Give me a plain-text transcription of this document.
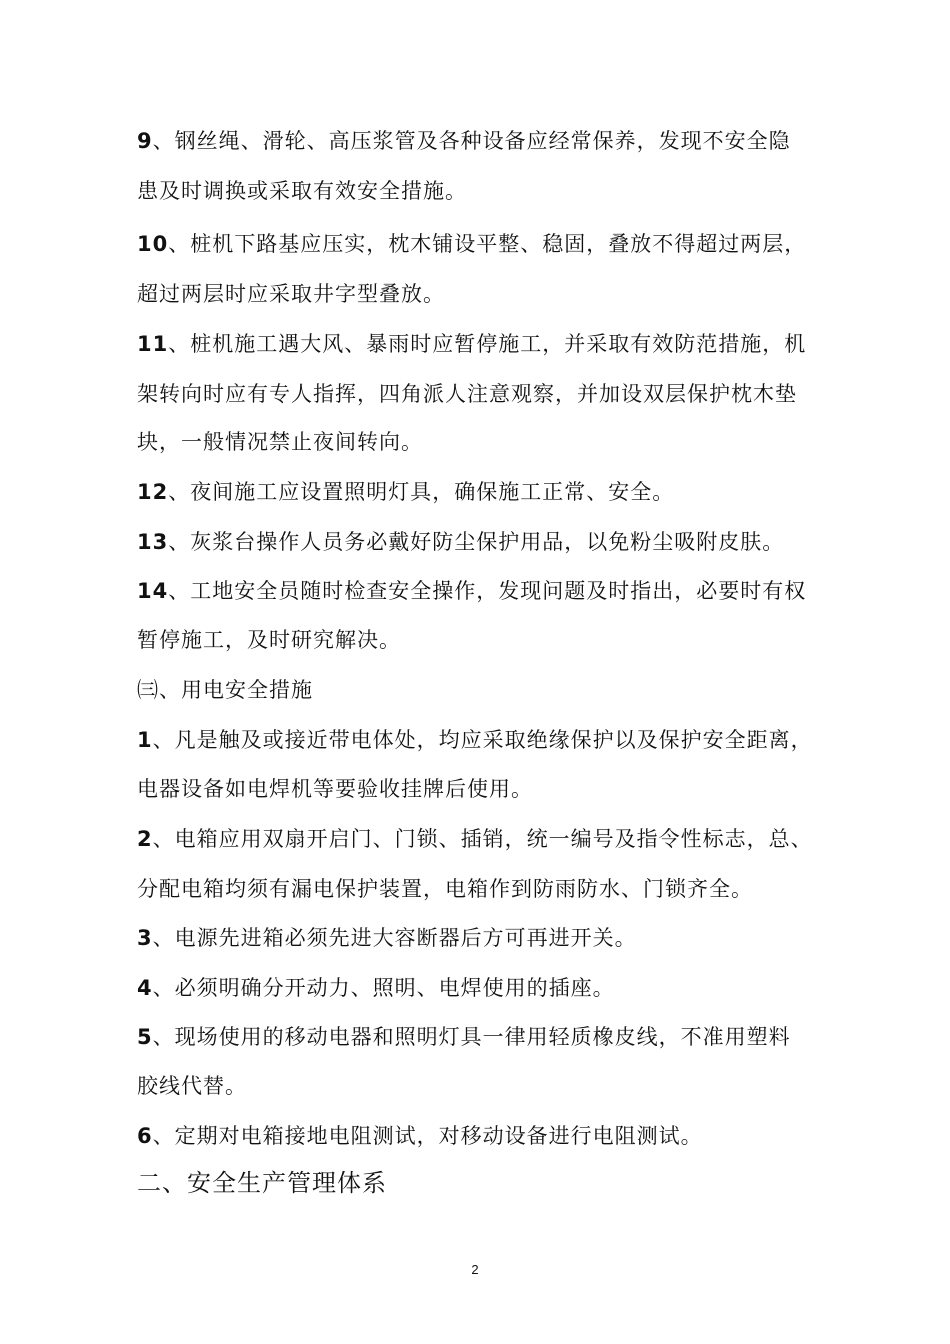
9、钢丝绳、滑轮、高压浆管及各种设备应经常保养，发现不安全隐
患及时调换或采取有效安全措施。
10、桩机下路基应压实，枕木铺设平整、稳固，叠放不得超过两层，
超过两层时应采取井字型叠放。
11、桩机施工遇大风、暴雨时应暂停施工，并采取有效防范措施，机
架转向时应有专人指挥，四角派人注意观察，并加设双层保护枕木垫
块，一般情况禁止夜间转向。
12、夜间施工应设置照明灯具，确保施工正常、安全。
13、灰浆台操作人员务必戴好防尘保护用品，以免粉尘吸附皮肤。
14、工地安全员随时检查安全操作，发现问题及时指出，必要时有权
暂停施工，及时研究解决。
㈢、用电安全措施
1、凡是触及或接近带电体处，均应采取绝缘保护以及保护安全距离，
电器设备如电焊机等要验收挂牌后使用。
2、电箱应用双扇开启门、门锁、插销，统一编号及指令性标志，总、
分配电箱均须有漏电保护装置，电箱作到防雨防水、门锁齐全。
3、电源先进箱必须先进大容断器后方可再进开关。
4、必须明确分开动力、照明、电焊使用的插座。
5、现场使用的移动电器和照明灯具一律用轻质橡皮线，不准用塑料
胶线代替。
6、定期对电箱接地电阻测试，对移动设备进行电阻测试。
二、安全生产管理体系
2
